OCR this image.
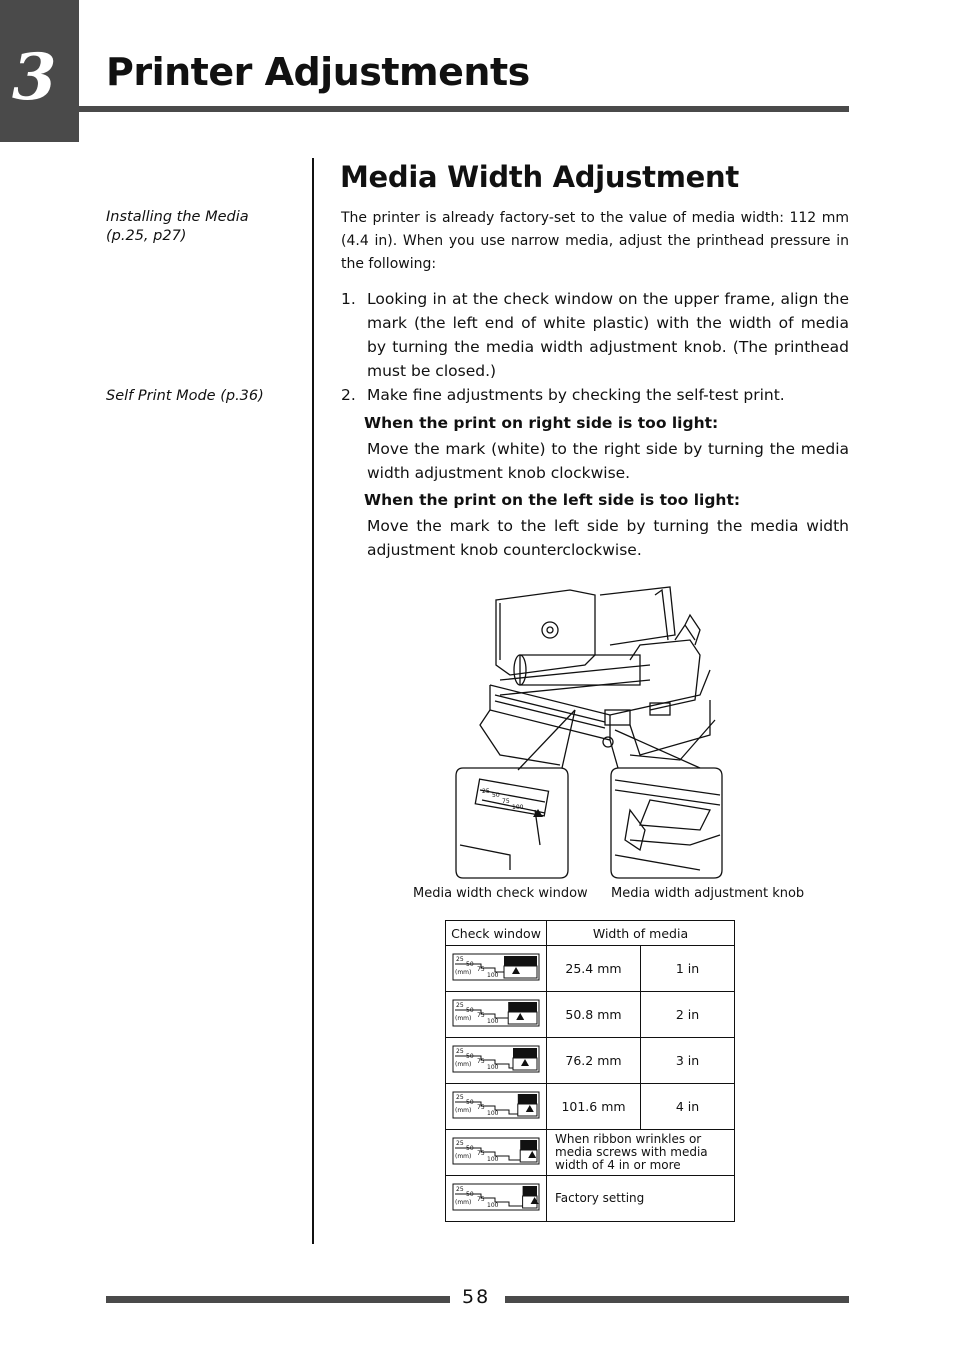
3 Printer Adjustments
Installing the Media
(p.25, p27)
Self Print Mode (p.36)
Media Width Adjustment
The printer is already factory-set to the value of media width: 112 mm (4.4 in). When you use narrow media, adjust the printhead pressure in the following:
1. Looking in at the check window on the upper frame, align the mark (the left end of white plastic) with the width of media by turning the media width adjustment knob. (The printhead must be closed.)
2. Make fine adjustments by checking the self-test print.
When the print on right side is too light:
Move the mark (white) to the right side by turning the media width adjustment knob clockwise.
When the print on the left side is too light:
Move the mark to the left side by turning the media width adjustment knob counterclockwise.
25
50
75
100
Media width check window Media width adjustment knob
Check window	Width of media	

25
50
75
100
(mm)	25.4 mm	1 in

25
50
75
100
(mm)	50.8 mm	2 in

25
50
75
100
(mm)	76.2 mm	3 in

25
50
75
100
(mm)	101.6 mm	4 in

25
50
75
100
(mm)	When ribbon wrinkles or media screws with media width of 4 in or more	

25
50
75
100
(mm)	Factory setting	
58
